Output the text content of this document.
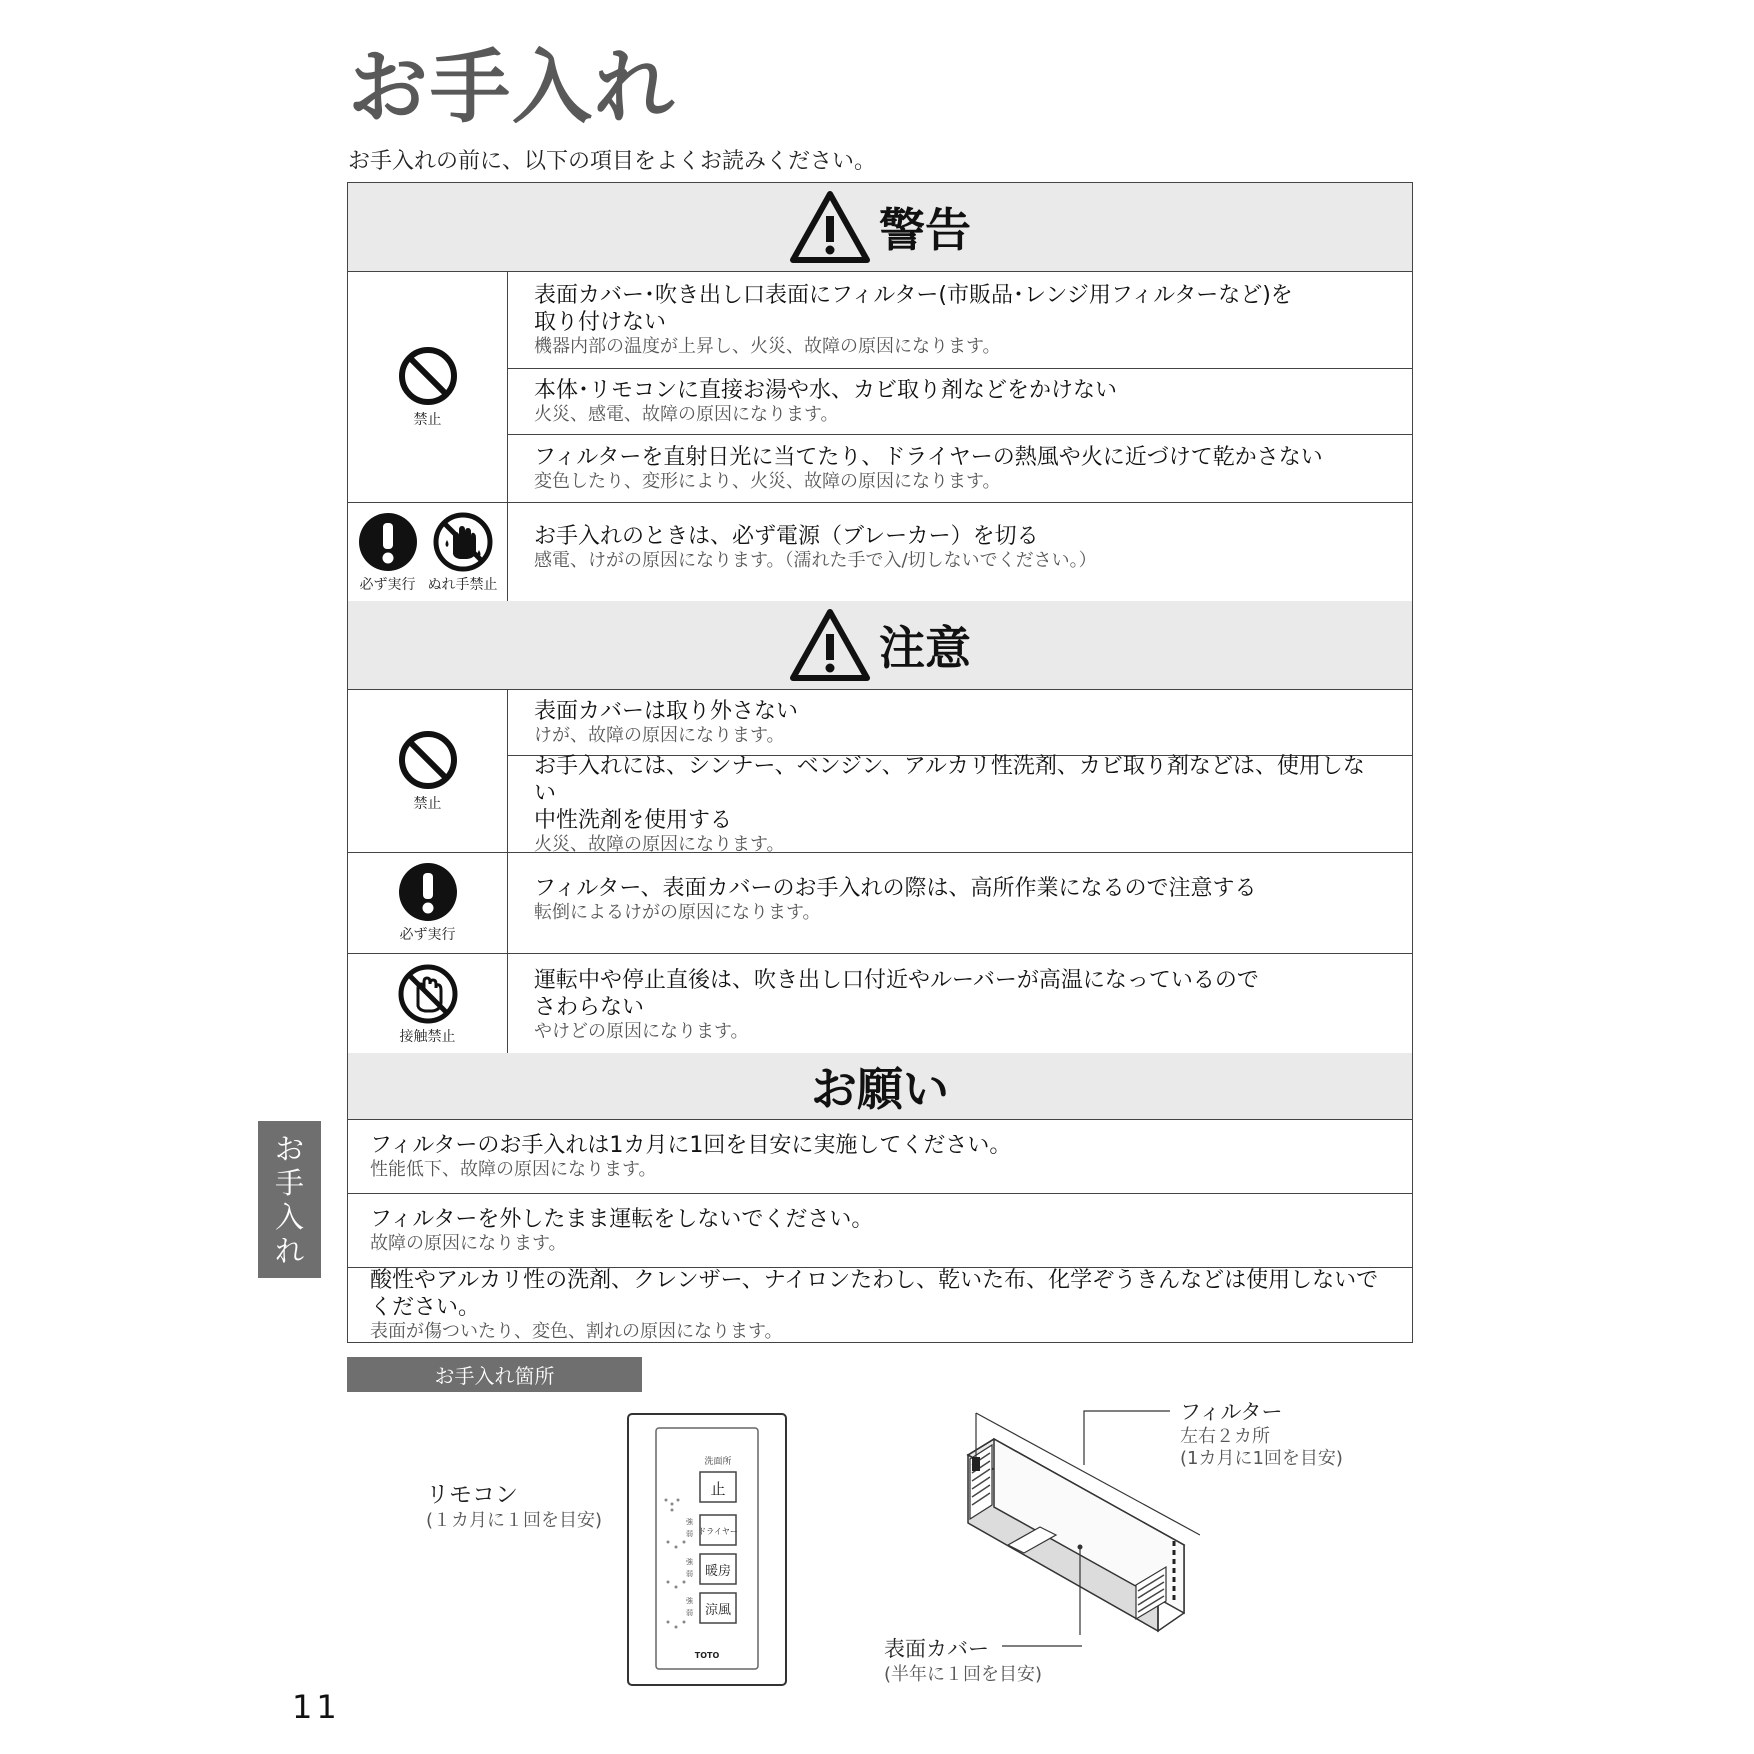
お手入れ
お手入れの前に、以下の項目をよくお読みください。
警告
禁止
表面カバー･吹き出し口表面にフィルター(市販品･レンジ用フィルターなど)を
取り付けない
機器内部の温度が上昇し、火災、故障の原因になります。
本体･リモコンに直接お湯や水、カビ取り剤などをかけない
火災、感電、故障の原因になります。
フィルターを直射日光に当てたり、ドライヤーの熱風や火に近づけて乾かさない
変色したり、変形により、火災、故障の原因になります。
必ず実行 ぬれ手禁止
お手入れのときは、必ず電源（ブレーカー）を切る
感電、けがの原因になります。（濡れた手で入/切しないでください。）
注意
禁止
表面カバーは取り外さない
けが、故障の原因になります。
お手入れには、シンナー、ベンジン、アルカリ性洗剤、カビ取り剤などは、使用しない
中性洗剤を使用する
火災、故障の原因になります。
必ず実行
フィルター、表面カバーのお手入れの際は、高所作業になるので注意する
転倒によるけがの原因になります。
接触禁止
運転中や停止直後は、吹き出し口付近やルーバーが高温になっているので
さわらない
やけどの原因になります。
お願い
フィルターのお手入れは1カ月に1回を目安に実施してください。
性能低下、故障の原因になります。
フィルターを外したまま運転をしないでください。
故障の原因になります。
酸性やアルカリ性の洗剤、クレンザー、ナイロンたわし、乾いた布、化学ぞうきんなどは使用しないでください。
表面が傷ついたり、変色、割れの原因になります。
お
手
入
れ
お手入れ箇所
リモコン
(１カ月に１回を目安)
洗面所
止
ドライヤー
暖房
涼風
強
弱
強
弱
強
弱
TOTO
フィルター
左右２カ所
(1カ月に1回を目安)
表面カバー
(半年に１回を目安)
11
